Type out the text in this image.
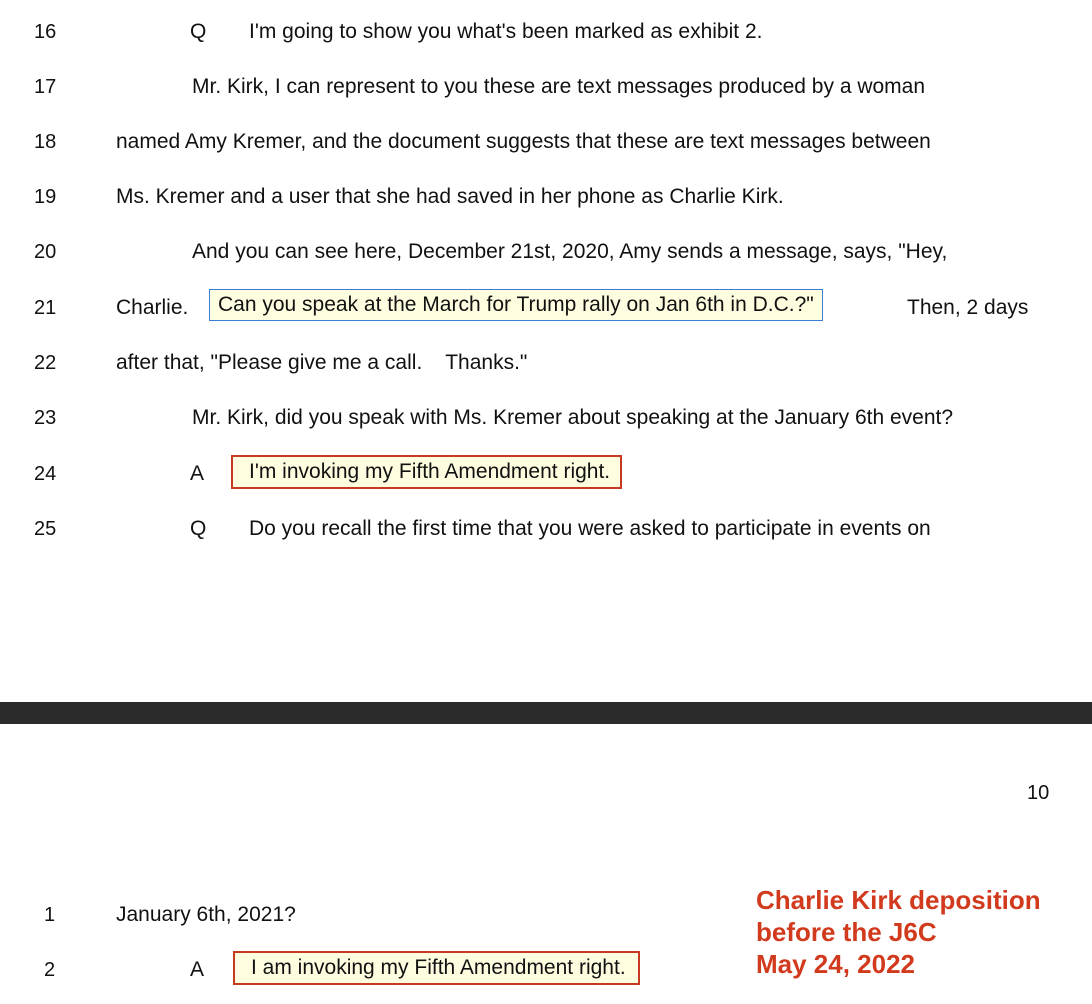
16	Q I'm going to show you what's been marked as exhibit 2.
17	Mr. Kirk, I can represent to you these are text messages produced by a woman
18	named Amy Kremer, and the document suggests that these are text messages between
19	Ms. Kremer and a user that she had saved in her phone as Charlie Kirk.
20	And you can see here, December 21st, 2020, Amy sends a message, says, "Hey,
21	Charlie.	Can you speak at the March for Trump rally on Jan 6th in D.C.?"	Then, 2 days
22	after that, "Please give me a call.    Thanks."
23	Mr. Kirk, did you speak with Ms. Kremer about speaking at the January 6th event?
24	A	I'm invoking my Fifth Amendment right.
25	Q Do you recall the first time that you were asked to participate in events on
10
1	January 6th, 2021?
2	A	I am invoking my Fifth Amendment right.
Charlie Kirk deposition
before the J6C
May 24, 2022
